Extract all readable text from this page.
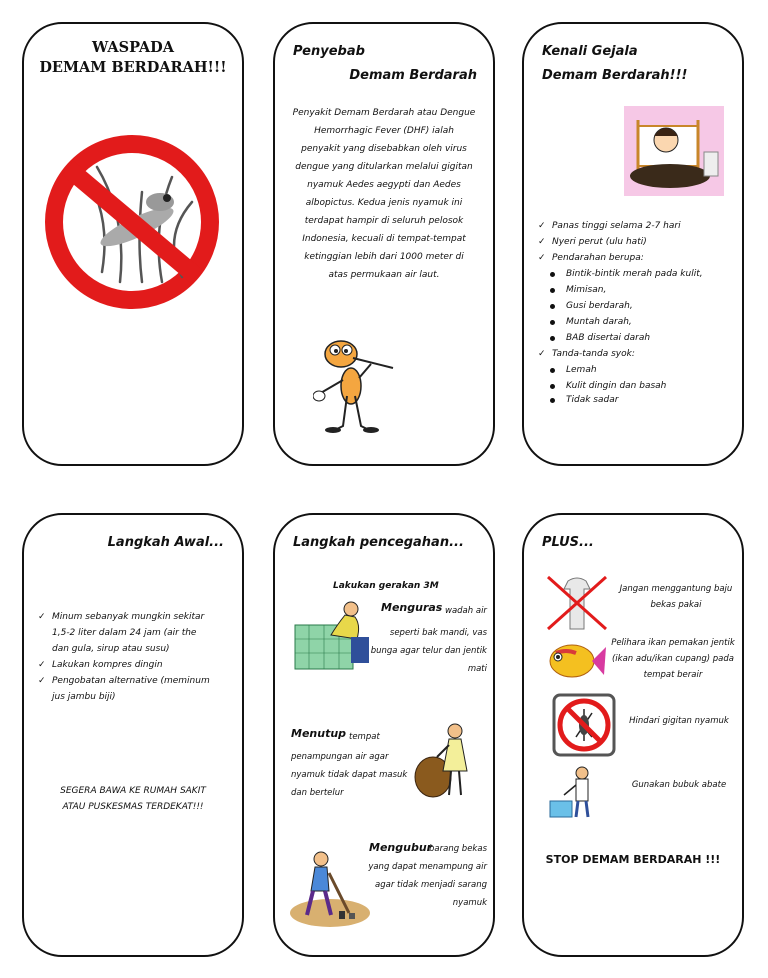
WASPADA
DEMAM BERDARAH!!!
Penyebab
Demam Berdarah
Penyakit Demam Berdarah atau Dengue
Hemorrhagic Fever (DHF) ialah
penyakit yang disebabkan oleh virus
dengue yang ditularkan melalui gigitan
nyamuk Aedes aegypti dan Aedes
albopictus. Kedua jenis nyamuk ini
terdapat hampir di seluruh pelosok
Indonesia, kecuali di tempat-tempat
ketinggian lebih dari 1000 meter di
atas permukaan air laut.
Kenali Gejala
Demam Berdarah!!!
✓ Panas tinggi selama 2-7 hari
✓ Nyeri perut (ulu hati)
✓ Pendarahan berupa:
Bintik-bintik merah pada kulit,
Mimisan,
Gusi berdarah,
Muntah darah,
BAB disertai darah
✓ Tanda-tanda syok:
Lemah
Kulit dingin dan basah
Tidak sadar
Langkah Awal...
✓ Minum sebanyak mungkin sekitar
1,5-2 liter dalam 24 jam (air the
dan gula, sirup atau susu)
✓ Lakukan kompres dingin
✓ Pengobatan alternative (meminum
jus jambu biji)
SEGERA BAWA KE RUMAH SAKIT
ATAU PUSKESMAS TERDEKAT!!!
Langkah pencegahan...
Lakukan gerakan 3M
Menguras wadah air
seperti bak mandi, vas
bunga agar telur dan jentik
mati
Menutup tempat
penampungan air agar
nyamuk tidak dapat masuk
dan bertelur
Mengubur
barang bekas
yang dapat menampung air
agar tidak menjadi sarang
nyamuk
PLUS...
Jangan menggantung baju
bekas pakai
Pelihara ikan pemakan jentik
(ikan adu/ikan cupang) pada
tempat berair
Hindari gigitan nyamuk
Gunakan bubuk abate
STOP DEMAM BERDARAH !!!
